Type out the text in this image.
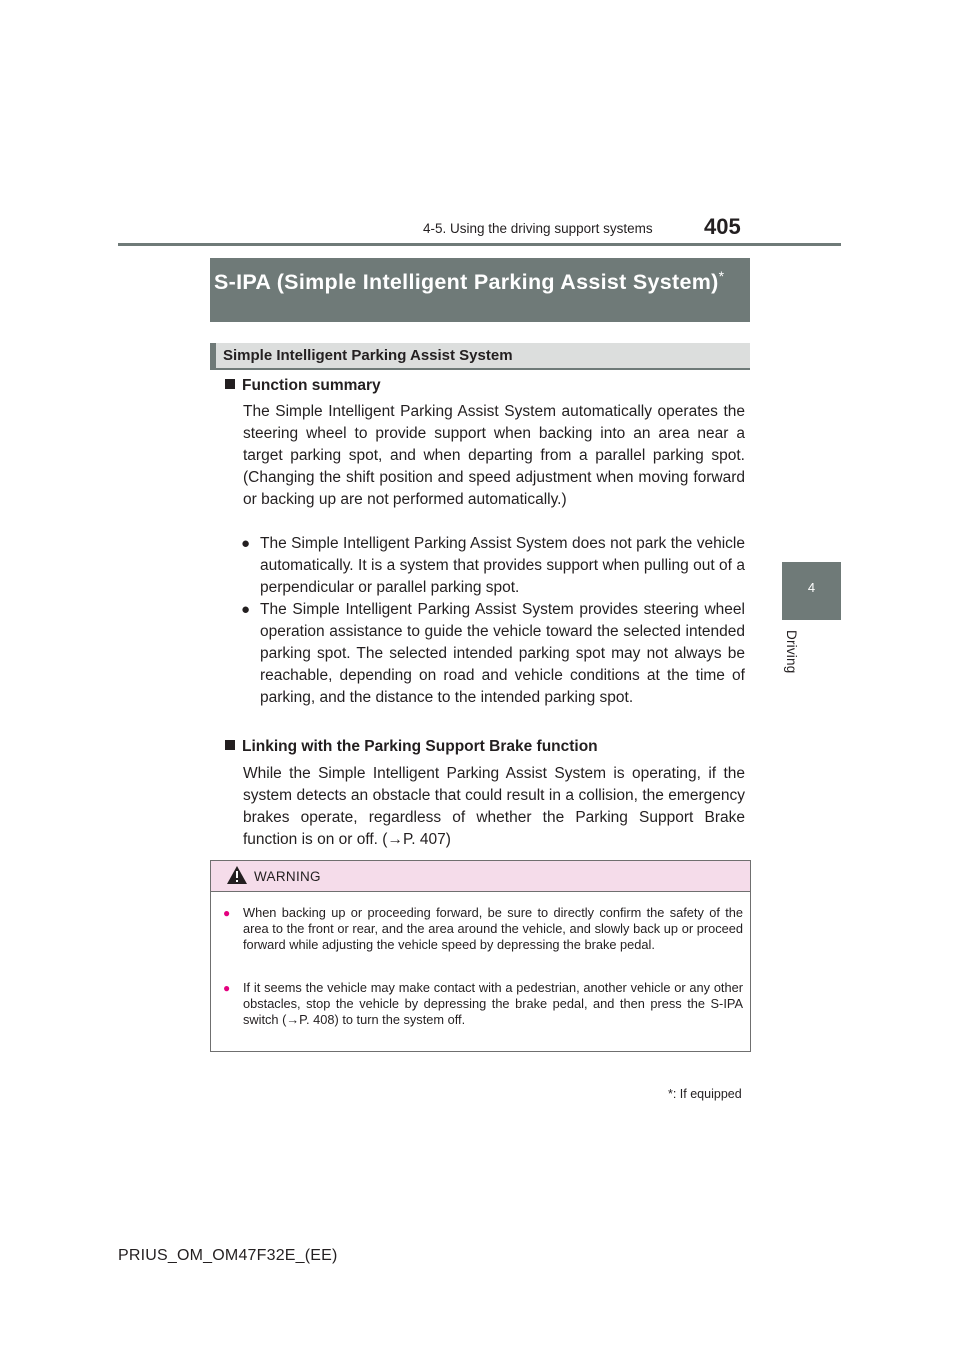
4-5. Using the driving support systems 405
4
Driving
S-IPA (Simple Intelligent Parking Assist System)*
Simple Intelligent Parking Assist System
Function summary
The Simple Intelligent Parking Assist System automatically operates the steering wheel to provide support when backing into an area near a target parking spot, and when departing from a parallel parking spot. (Changing the shift position and speed adjustment when moving forward or backing up are not performed automatically.)
● The Simple Intelligent Parking Assist System does not park the vehicle automatically. It is a system that provides support when pulling out of a perpendicular or parallel parking spot.
● The Simple Intelligent Parking Assist System provides steering wheel operation assistance to guide the vehicle toward the selected intended parking spot. The selected intended parking spot may not always be reachable, depending on road and vehicle conditions at the time of parking, and the distance to the intended parking spot.
Linking with the Parking Support Brake function
While the Simple Intelligent Parking Assist System is operating, if the system detects an obstacle that could result in a collision, the emergency brakes operate, regardless of whether the Parking Support Brake function is on or off. (→P. 407)
WARNING
● When backing up or proceeding forward, be sure to directly confirm the safety of the area to the front or rear, and the area around the vehicle, and slowly back up or proceed forward while adjusting the vehicle speed by depressing the brake pedal.
● If it seems the vehicle may make contact with a pedestrian, another vehicle or any other obstacles, stop the vehicle by depressing the brake pedal, and then press the S-IPA switch (→P. 408) to turn the system off.
*: If equipped
PRIUS_OM_OM47F32E_(EE)
